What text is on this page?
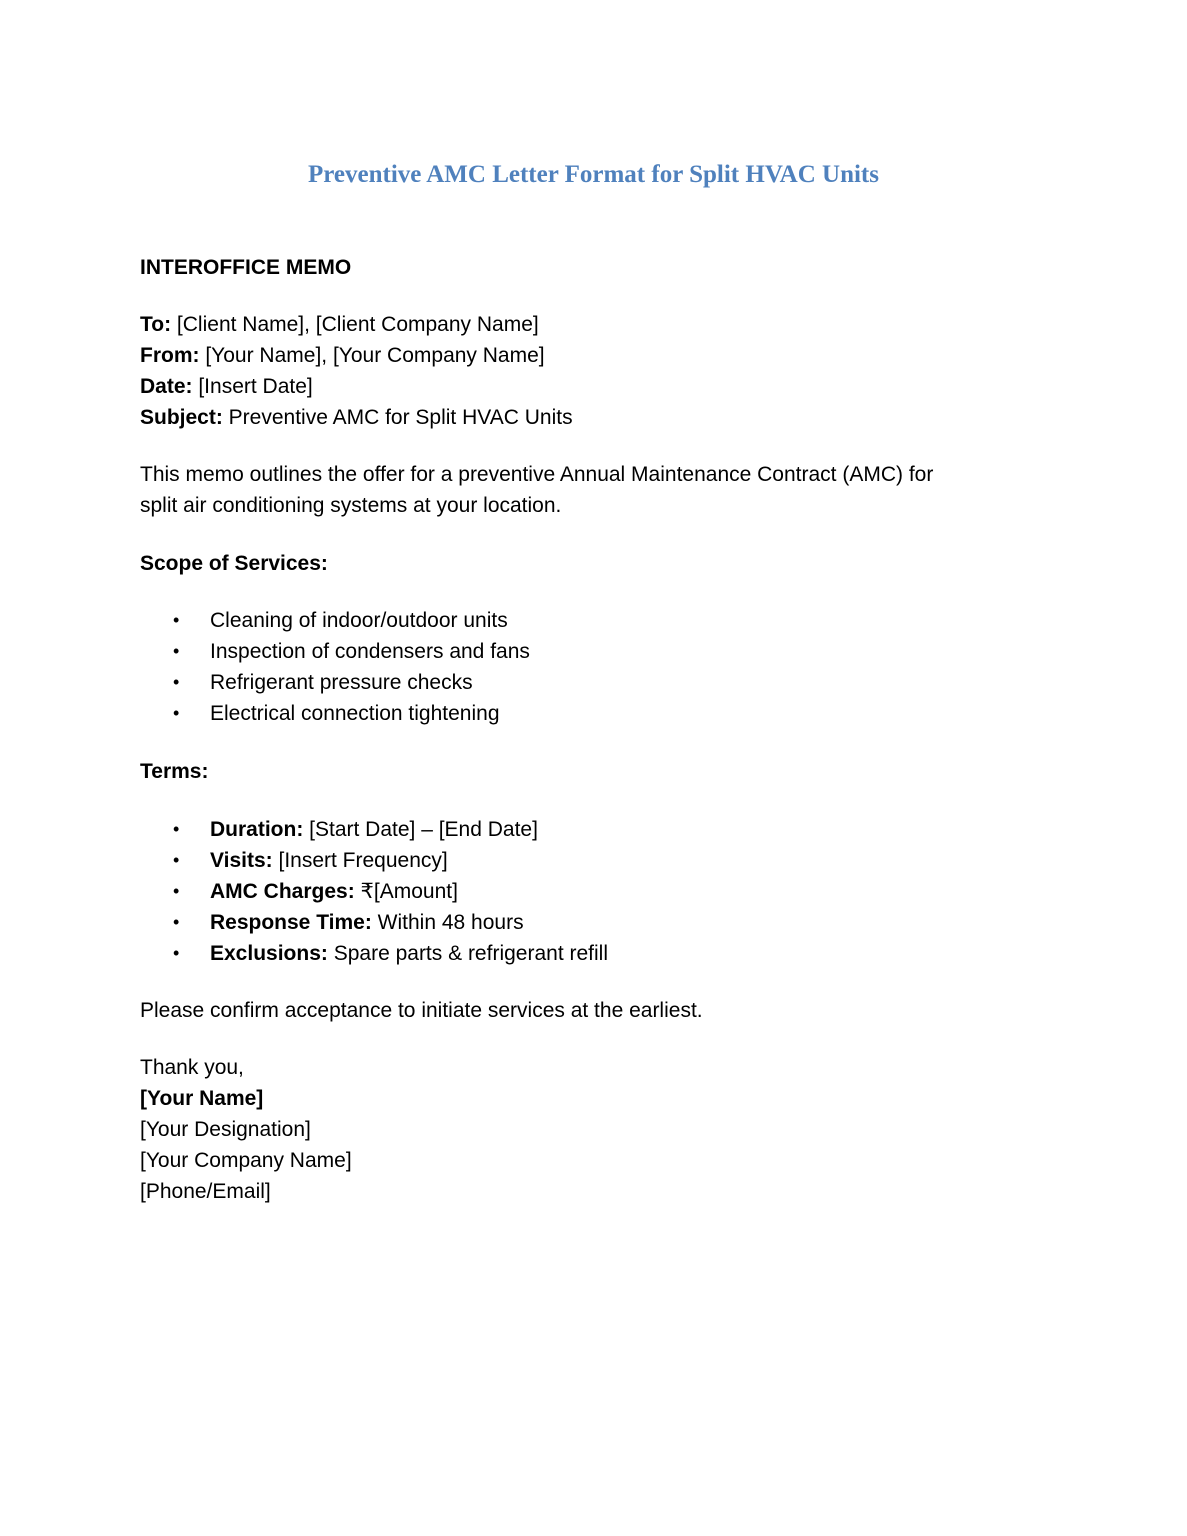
Preventive AMC Letter Format for Split HVAC Units
INTEROFFICE MEMO
To: [Client Name], [Client Company Name]
From: [Your Name], [Your Company Name]
Date: [Insert Date]
Subject: Preventive AMC for Split HVAC Units
This memo outlines the offer for a preventive Annual Maintenance Contract (AMC) for
split air conditioning systems at your location.
Scope of Services:
• Cleaning of indoor/outdoor units
• Inspection of condensers and fans
• Refrigerant pressure checks
• Electrical connection tightening
Terms:
• Duration: [Start Date] – [End Date]
• Visits: [Insert Frequency]
• AMC Charges: ₹[Amount]
• Response Time: Within 48 hours
• Exclusions: Spare parts & refrigerant refill
Please confirm acceptance to initiate services at the earliest.
Thank you,
[Your Name]
[Your Designation]
[Your Company Name]
[Phone/Email]
